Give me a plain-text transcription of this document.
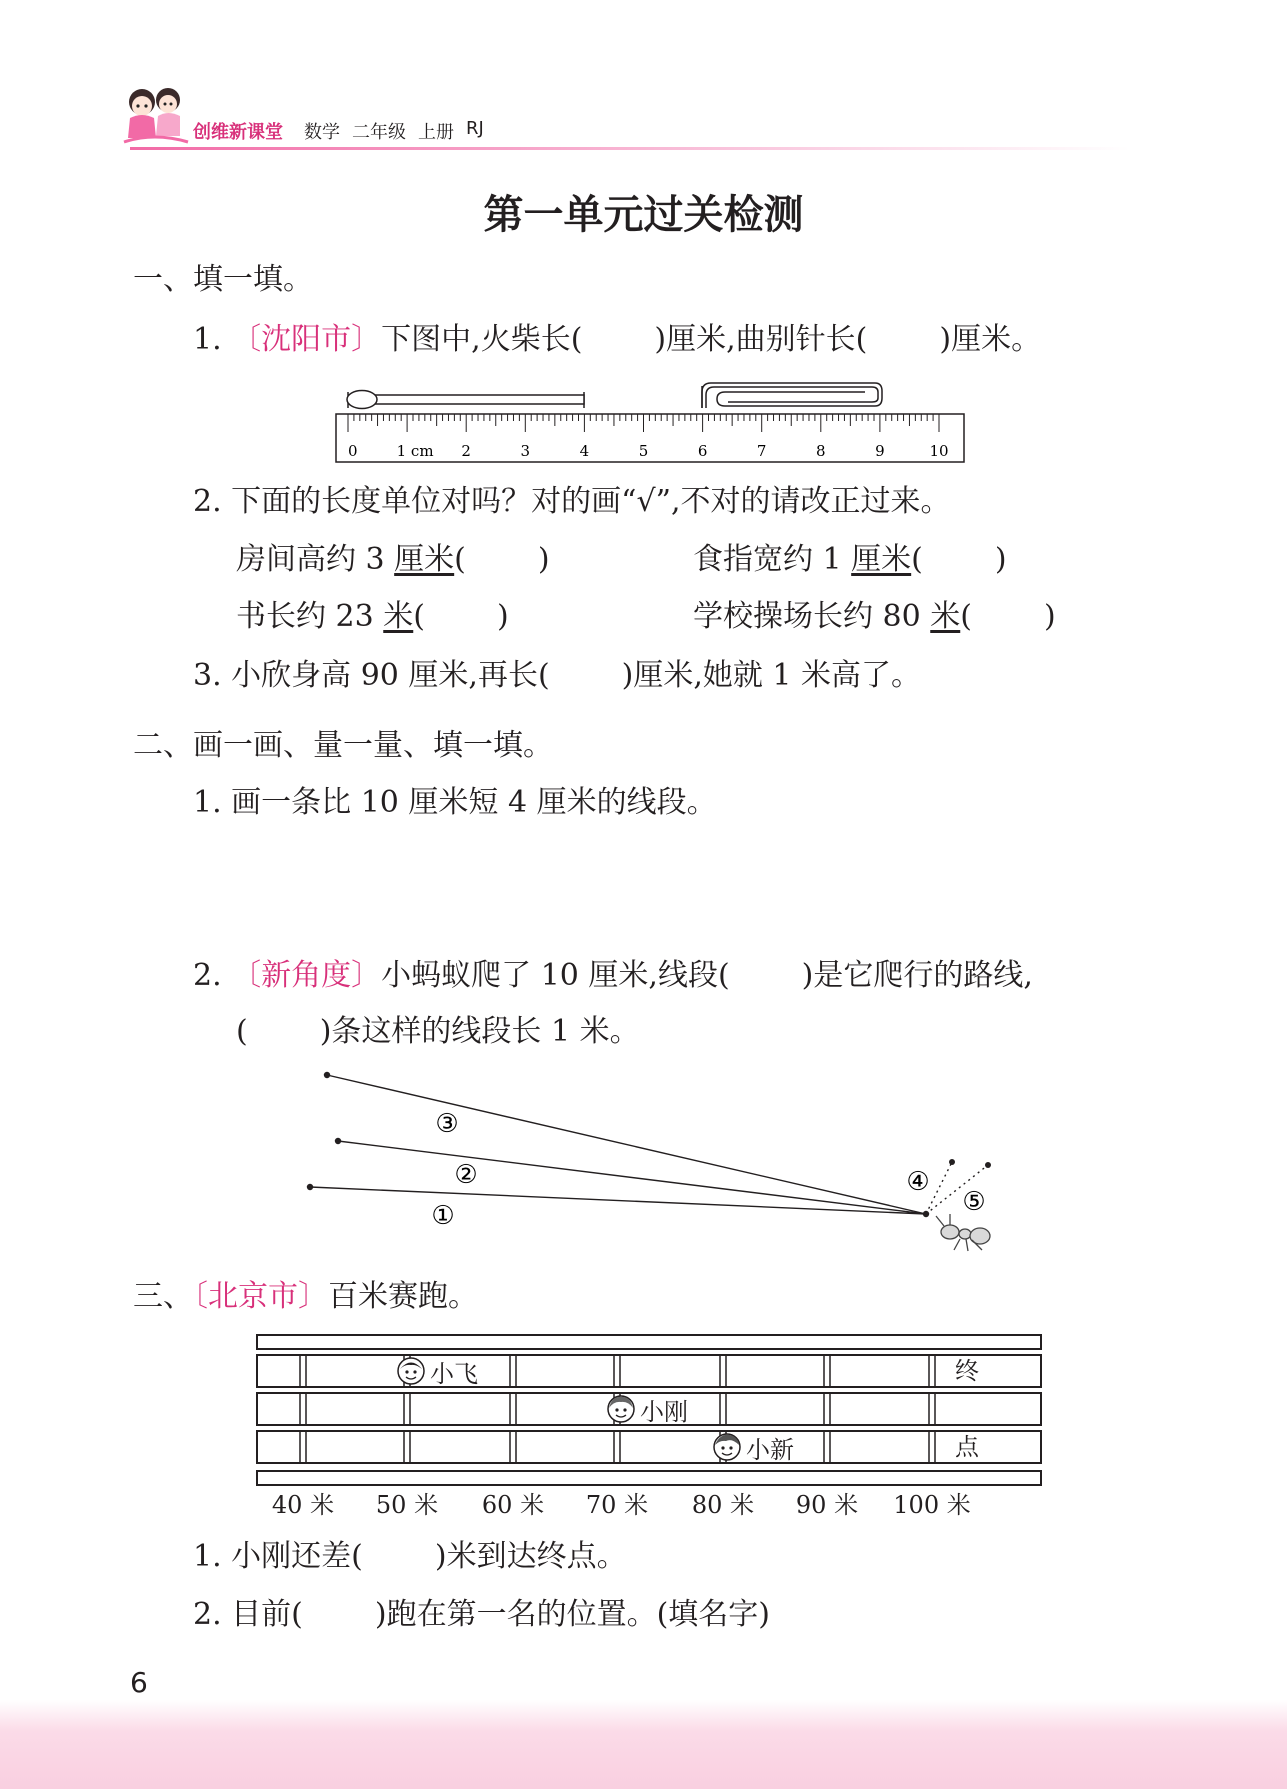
创维新课堂 数学 二年级 上册 RJ
第一单元过关检测
一、填一填。
1. 〔沈阳市〕下图中,火柴长( )厘米,曲别针长( )厘米。
0	1 cm 2	3	4	5	6	7	8	9	10
2. 下面的长度单位对吗？对的画“√”,不对的请改正过来。
房间高约 3 厘米( )	食指宽约 1 厘米( )
书长约 23 米( )	学校操场长约 80 米( )
3. 小欣身高 90 厘米,再长( )厘米,她就 1 米高了。
二、画一画、量一量、填一填。
1. 画一条比 10 厘米短 4 厘米的线段。
2. 〔新角度〕小蚂蚁爬了 10 厘米,线段( )是它爬行的路线,
( )条这样的线段长 1 米。
③
②
①
④
⑤
三、〔北京市〕百米赛跑。
小飞
小刚
小新
终
点
40 米	50 米	60 米	70 米	80 米	90 米	100 米
1. 小刚还差( )米到达终点。
2. 目前( )跑在第一名的位置。(填名字)
6
